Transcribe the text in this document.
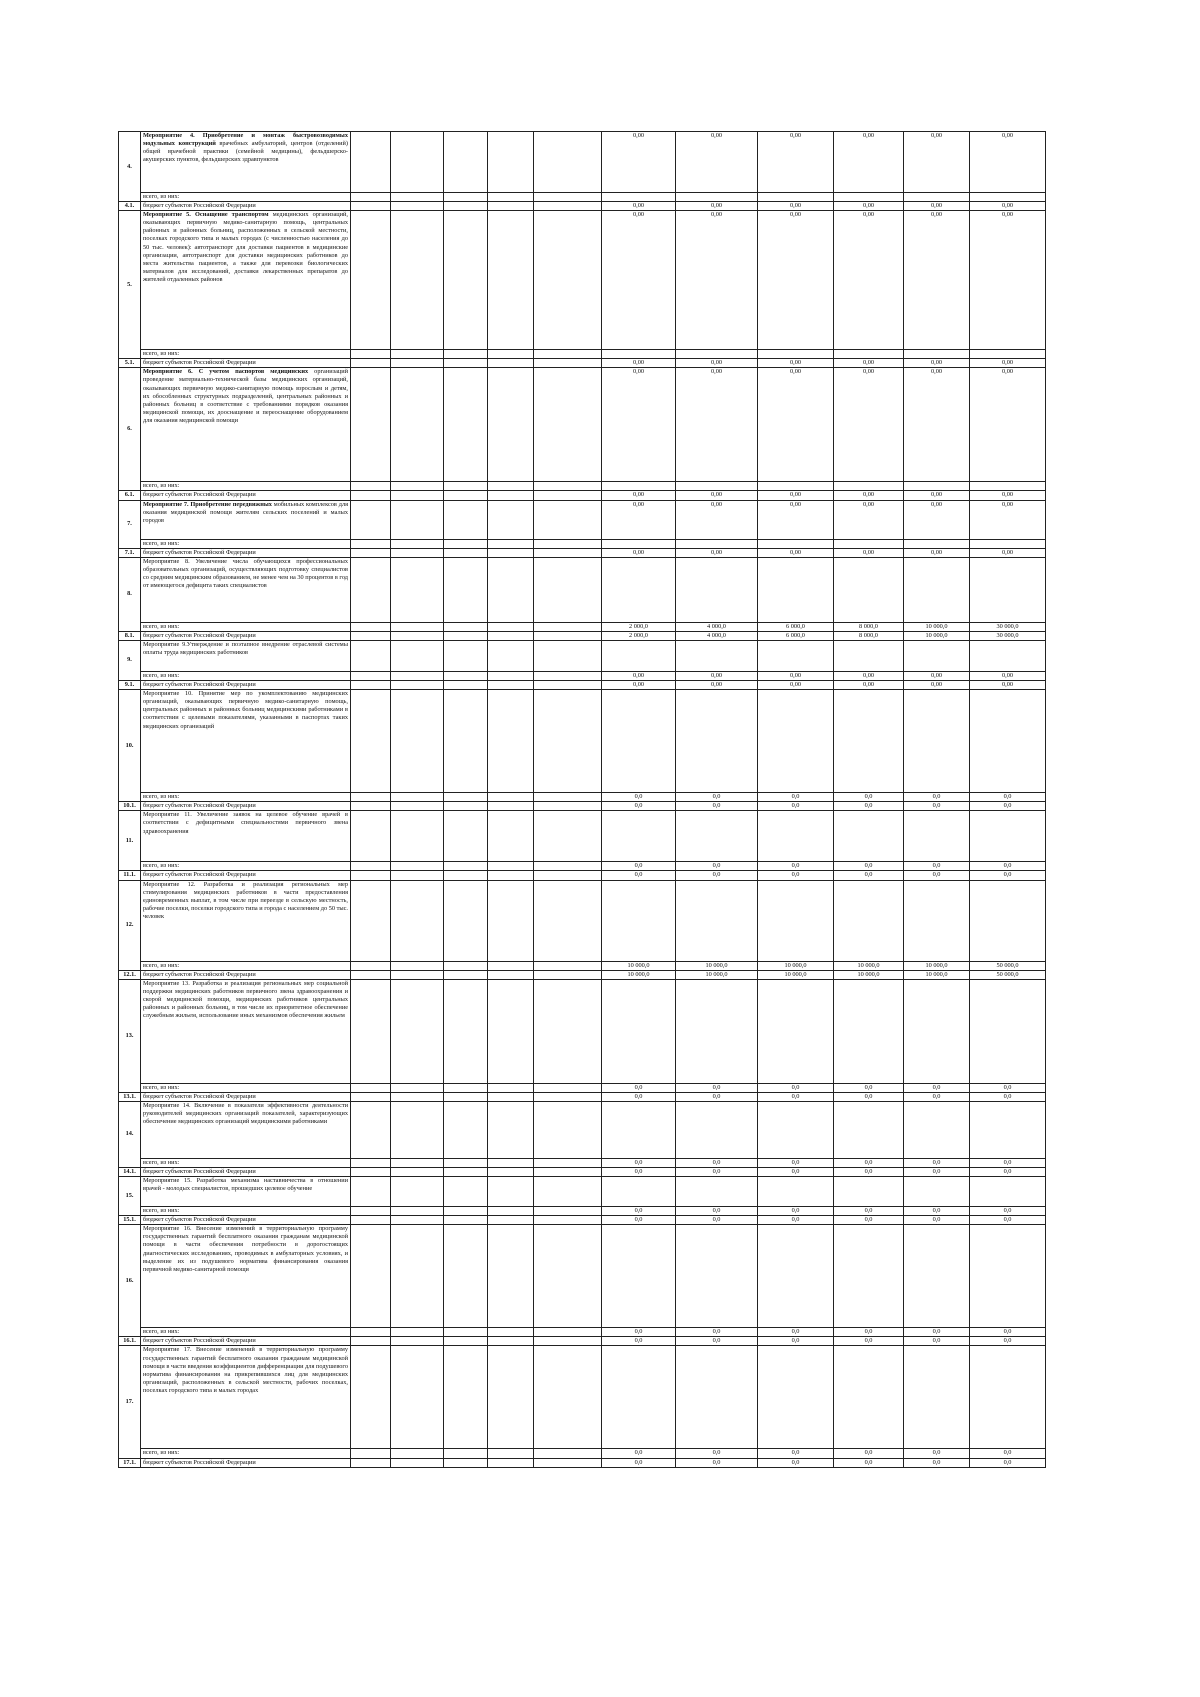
4.	Мероприятие 4. Приобретение и монтаж быстровозводимых модульных конструкций врачебных амбулаторий, центров (отделений) общей врачебной практики (семейной медицины), фельдшерско-акушерских пунктов, фельдшерских здравпунктов						0,00	0,00	0,00	0,00	0,00	0,00
	всего, из них:											
4.1.	бюджет субъектов Российской Федерации						0,00	0,00	0,00	0,00	0,00	0,00
5.	Мероприятие 5. Оснащение транспортом медицинских организаций, оказывающих первичную медико-санитарную помощь, центральных районных и районных больниц, расположенных в сельской местности, поселках городского типа и малых городах (с численностью населения до 50 тыс. человек): автотранспорт для доставки пациентов в медицинские организации, автотранспорт для доставки медицинских работников до места жительства пациентов, а также для перевозки биологических материалов для исследований, доставки лекарственных препаратов до жителей отдаленных районов						0,00	0,00	0,00	0,00	0,00	0,00
	всего, из них:											
5.1.	бюджет субъектов Российской Федерации						0,00	0,00	0,00	0,00	0,00	0,00
6.	Мероприятие 6. С учетом паспортов медицинских организаций проведение материально-технической базы медицинских организаций, оказывающих первичную медико-санитарную помощь взрослым и детям, их обособленных структурных подразделений, центральных районных и районных больниц в соответствие с требованиями порядков оказания медицинской помощи, их дооснащение и переоснащение оборудованием для оказания медицинской помощи						0,00	0,00	0,00	0,00	0,00	0,00
	всего, из них:											
6.1.	бюджет субъектов Российской Федерации						0,00	0,00	0,00	0,00	0,00	0,00
7.	Мероприятие 7. Приобретение передвижных мобильных комплексов для оказания медицинской помощи жителям сельских поселений и малых городов						0,00	0,00	0,00	0,00	0,00	0,00
	всего, из них:											
7.1.	бюджет субъектов Российской Федерации						0,00	0,00	0,00	0,00	0,00	0,00
8.	Мероприятие 8. Увеличение числа обучающихся профессиональных образовательных организаций, осуществляющих подготовку специалистов со средним медицинским образованием, не менее чем на 30 процентов в год от имеющегося дефицита таких специалистов											
	всего, из них:						2 000,0	4 000,0	6 000,0	8 000,0	10 000,0	30 000,0
8.1.	бюджет субъектов Российской Федерации						2 000,0	4 000,0	6 000,0	8 000,0	10 000,0	30 000,0
9.	Мероприятие 9.Утверждение и поэтапное внедрение отраслевой системы оплаты труда медицинских работников											
	всего, из них:						0,00	0,00	0,00	0,00	0,00	0,00
9.1.	бюджет субъектов Российской Федерации						0,00	0,00	0,00	0,00	0,00	0,00
10.	Мероприятие 10. Принятие мер по укомплектованию медицинских организаций, оказывающих первичную медико-санитарную помощь, центральных районных и районных больниц медицинскими работниками в соответствии с целевыми показателями, указанными в паспортах таких медицинских организаций											
	всего, из них:						0,0	0,0	0,0	0,0	0,0	0,0
10.1.	бюджет субъектов Российской Федерации						0,0	0,0	0,0	0,0	0,0	0,0
11.	Мероприятие 11. Увеличение заявок на целевое обучение врачей в соответствии с дефицитными специальностями первичного звена здравоохранения											
	всего, из них:						0,0	0,0	0,0	0,0	0,0	0,0
11.1.	бюджет субъектов Российской Федерации						0,0	0,0	0,0	0,0	0,0	0,0
12.	Мероприятие 12. Разработка и реализация региональных мер стимулирования медицинских работников в части предоставления единовременных выплат, в том числе при переезде в сельскую местность, рабочие поселки, поселки городского типа и города с населением до 50 тыс. человек											
	всего, из них:						10 000,0	10 000,0	10 000,0	10 000,0	10 000,0	50 000,0
12.1.	бюджет субъектов Российской Федерации						10 000,0	10 000,0	10 000,0	10 000,0	10 000,0	50 000,0
13.	Мероприятие 13. Разработка и реализация региональных мер социальной поддержки медицинских работников первичного звена здравоохранения и скорой медицинской помощи, медицинских работников центральных районных и районных больниц, в том числе их приоритетное обеспечение служебным жильем, использование иных механизмов обеспечения жильем											
	всего, из них:						0,0	0,0	0,0	0,0	0,0	0,0
13.1.	бюджет субъектов Российской Федерации						0,0	0,0	0,0	0,0	0,0	0,0
14.	Мероприятие 14. Включение в показатели эффективности деятельности руководителей медицинских организаций показателей, характеризующих обеспечение медицинских организаций медицинскими работниками											
	всего, из них:						0,0	0,0	0,0	0,0	0,0	0,0
14.1.	бюджет субъектов Российской Федерации						0,0	0,0	0,0	0,0	0,0	0,0
15.	Мероприятие 15. Разработка механизма наставничества в отношении врачей - молодых специалистов, прошедших целевое обучение											
	всего, из них:						0,0	0,0	0,0	0,0	0,0	0,0
15.1.	бюджет субъектов Российской Федерации						0,0	0,0	0,0	0,0	0,0	0,0
16.	Мероприятие 16. Внесение изменений в территориальную программу государственных гарантий бесплатного оказания гражданам медицинской помощи в части обеспечения потребности в дорогостоящих диагностических исследованиях, проводимых в амбулаторных условиях, и выделение их из подушевого норматива финансирования оказания первичной медико-санитарной помощи											
	всего, из них:						0,0	0,0	0,0	0,0	0,0	0,0
16.1.	бюджет субъектов Российской Федерации						0,0	0,0	0,0	0,0	0,0	0,0
17.	Мероприятие 17. Внесение изменений в территориальную программу государственных гарантий бесплатного оказания гражданам медицинской помощи в части введения коэффициентов дифференциации для подушевого норматива финансирования на прикрепившихся лиц для медицинских организаций, расположенных в сельской местности, рабочих поселках, поселках городского типа и малых городах											
	всего, из них:						0,0	0,0	0,0	0,0	0,0	0,0
17.1.	бюджет субъектов Российской Федерации						0,0	0,0	0,0	0,0	0,0	0,0
